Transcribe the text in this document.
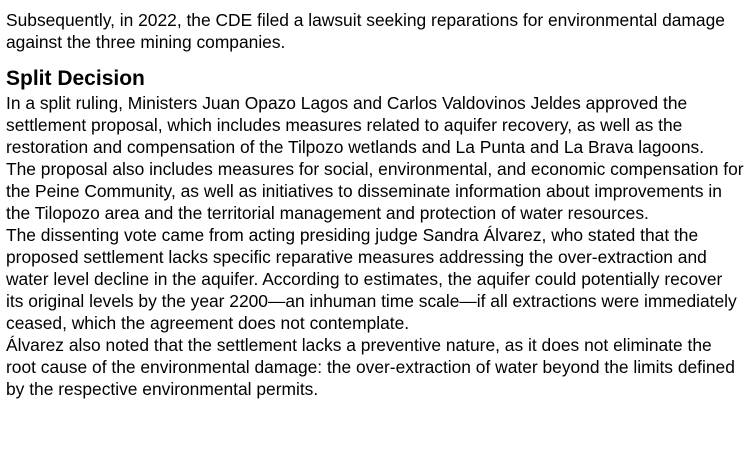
Subsequently, in 2022, the CDE filed a lawsuit seeking reparations for environmental damage against the three mining companies.

Split Decision

In a split ruling, Ministers Juan Opazo Lagos and Carlos Valdovinos Jeldes approved the settlement proposal, which includes measures related to aquifer recovery, as well as the restoration and compensation of the Tilpozo wetlands and La Punta and La Brava lagoons.

The proposal also includes measures for social, environmental, and economic compensation for the Peine Community, as well as initiatives to disseminate information about improvements in the Tilopozo area and the territorial management and protection of water resources.

The dissenting vote came from acting presiding judge Sandra Álvarez, who stated that the proposed settlement lacks specific reparative measures addressing the over-extraction and water level decline in the aquifer. According to estimates, the aquifer could potentially recover its original levels by the year 2200—an inhuman time scale—if all extractions were immediately ceased, which the agreement does not contemplate.

Álvarez also noted that the settlement lacks a preventive nature, as it does not eliminate the root cause of the environmental damage: the over-extraction of water beyond the limits defined by the respective environmental permits.
